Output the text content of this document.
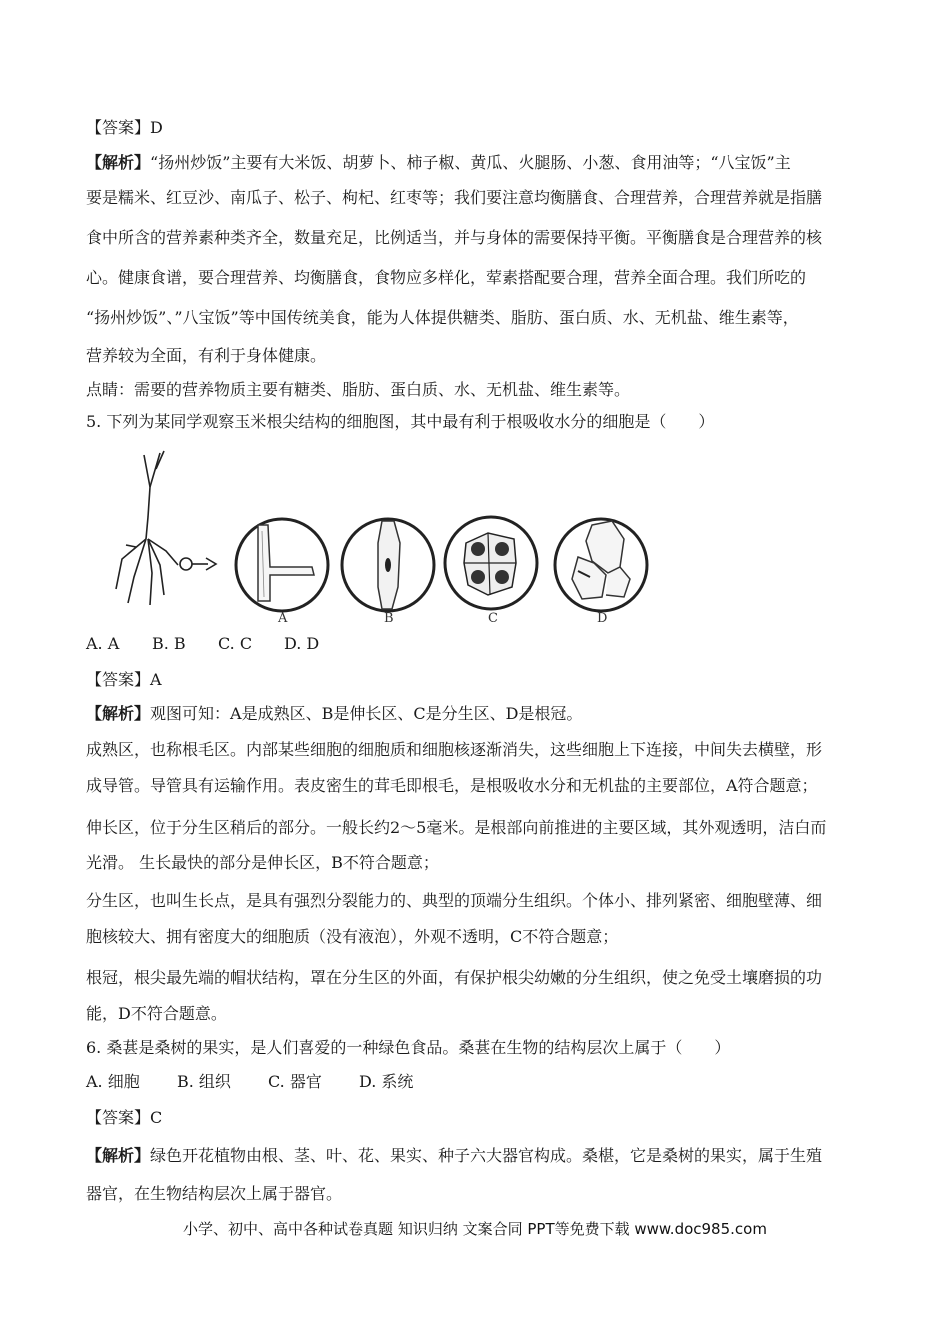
【答案】D
【解析】“扬州炒饭”主要有大米饭、胡萝卜、柿子椒、黄瓜、火腿肠、小葱、食用油等；“八宝饭”主
要是糯米、红豆沙、南瓜子、松子、枸杞、红枣等；我们要注意均衡膳食、合理营养，合理营养就是指膳
食中所含的营养素种类齐全，数量充足，比例适当，并与身体的需要保持平衡。平衡膳食是合理营养的核
心。健康食谱，要合理营养、均衡膳食，食物应多样化，荤素搭配要合理，营养全面合理。我们所吃的
“扬州炒饭”、”八宝饭”等中国传统美食，能为人体提供糖类、脂肪、蛋白质、水、无机盐、维生素等，
营养较为全面，有利于身体健康。
点睛：需要的营养物质主要有糖类、脂肪、蛋白质、水、无机盐、维生素等。
5. 下列为某同学观察玉米根尖结构的细胞图，其中最有利于根吸收水分的细胞是（　　）
A	B	C	D
A. A B. B C. C D. D
【答案】A
【解析】观图可知：A是成熟区、B是伸长区、C是分生区、D是根冠。
成熟区，也称根毛区。内部某些细胞的细胞质和细胞核逐渐消失，这些细胞上下连接，中间失去横壁，形
成导管。导管具有运输作用。表皮密生的茸毛即根毛，是根吸收水分和无机盐的主要部位，A符合题意；
伸长区，位于分生区稍后的部分。一般长约2～5毫米。是根部向前推进的主要区域，其外观透明，洁白而
光滑。 生长最快的部分是伸长区，B不符合题意；
分生区，也叫生长点，是具有强烈分裂能力的、典型的顶端分生组织。个体小、排列紧密、细胞壁薄、细
胞核较大、拥有密度大的细胞质（没有液泡），外观不透明，C不符合题意；
根冠，根尖最先端的帽状结构，罩在分生区的外面，有保护根尖幼嫩的分生组织，使之免受土壤磨损的功
能，D不符合题意。
6. 桑葚是桑树的果实，是人们喜爱的一种绿色食品。桑葚在生物的结构层次上属于（　　）
A. 细胞 B. 组织 C. 器官 D. 系统
【答案】C
【解析】绿色开花植物由根、茎、叶、花、果实、种子六大器官构成。桑椹，它是桑树的果实，属于生殖
器官，在生物结构层次上属于器官。
小学、初中、高中各种试卷真题 知识归纳 文案合同 PPT等免费下载 www.doc985.com
